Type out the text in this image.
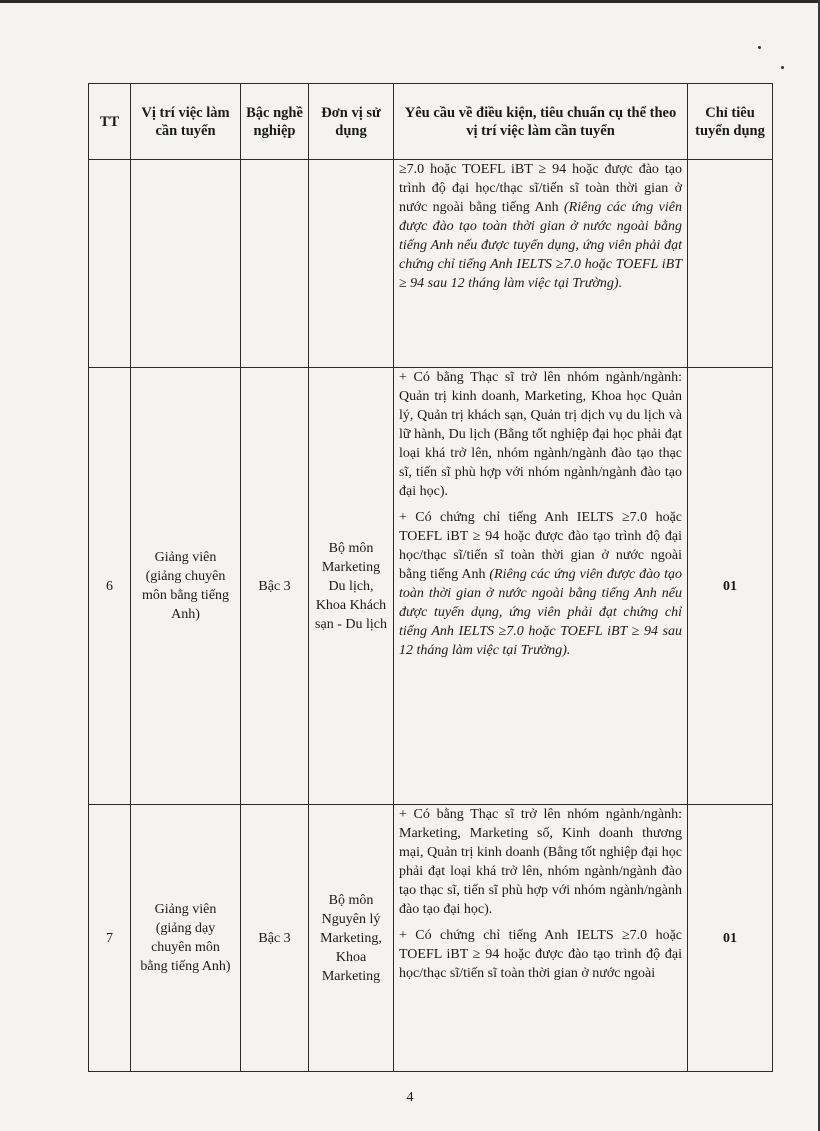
TT	Vị trí việc làm cần tuyển	Bậc nghề nghiệp	Đơn vị sử dụng	Yêu cầu về điều kiện, tiêu chuẩn cụ thể theo vị trí việc làm cần tuyển	Chỉ tiêu tuyển dụng

				≥7.0 hoặc TOEFL iBT ≥ 94 hoặc được đào tạo trình độ đại học/thạc sĩ/tiến sĩ toàn thời gian ở nước ngoài bằng tiếng Anh (Riêng các ứng viên được đào tạo toàn thời gian ở nước ngoài bằng tiếng Anh nếu được tuyển dụng, ứng viên phải đạt chứng chỉ tiếng Anh IELTS ≥7.0 hoặc TOEFL iBT ≥ 94 sau 12 tháng làm việc tại Trường).	

6	Giảng viên (giảng chuyên môn bằng tiếng Anh)	Bậc 3	Bộ môn Marketing Du lịch, Khoa Khách sạn - Du lịch	+ Có bằng Thạc sĩ trở lên nhóm ngành/ngành: Quản trị kinh doanh, Marketing, Khoa học Quản lý, Quản trị khách sạn, Quản trị dịch vụ du lịch và lữ hành, Du lịch (Bằng tốt nghiệp đại học phải đạt loại khá trở lên, nhóm ngành/ngành đào tạo thạc sĩ, tiến sĩ phù hợp với nhóm ngành/ngành đào tạo đại học).

+ Có chứng chỉ tiếng Anh IELTS ≥7.0 hoặc TOEFL iBT ≥ 94 hoặc được đào tạo trình độ đại học/thạc sĩ/tiến sĩ toàn thời gian ở nước ngoài bằng tiếng Anh (Riêng các ứng viên được đào tạo toàn thời gian ở nước ngoài bằng tiếng Anh nếu được tuyển dụng, ứng viên phải đạt chứng chỉ tiếng Anh IELTS ≥7.0 hoặc TOEFL iBT ≥ 94 sau 12 tháng làm việc tại Trường).	01
7	Giảng viên (giảng dạy chuyên môn bằng tiếng Anh)	Bậc 3	Bộ môn Nguyên lý Marketing, Khoa Marketing	+ Có bằng Thạc sĩ trở lên nhóm ngành/ngành: Marketing, Marketing số, Kinh doanh thương mại, Quản trị kinh doanh (Bằng tốt nghiệp đại học phải đạt loại khá trở lên, nhóm ngành/ngành đào tạo thạc sĩ, tiến sĩ phù hợp với nhóm ngành/ngành đào tạo đại học).

+ Có chứng chỉ tiếng Anh IELTS ≥7.0 hoặc TOEFL iBT ≥ 94 hoặc được đào tạo trình độ đại học/thạc sĩ/tiến sĩ toàn thời gian ở nước ngoài	01
4
